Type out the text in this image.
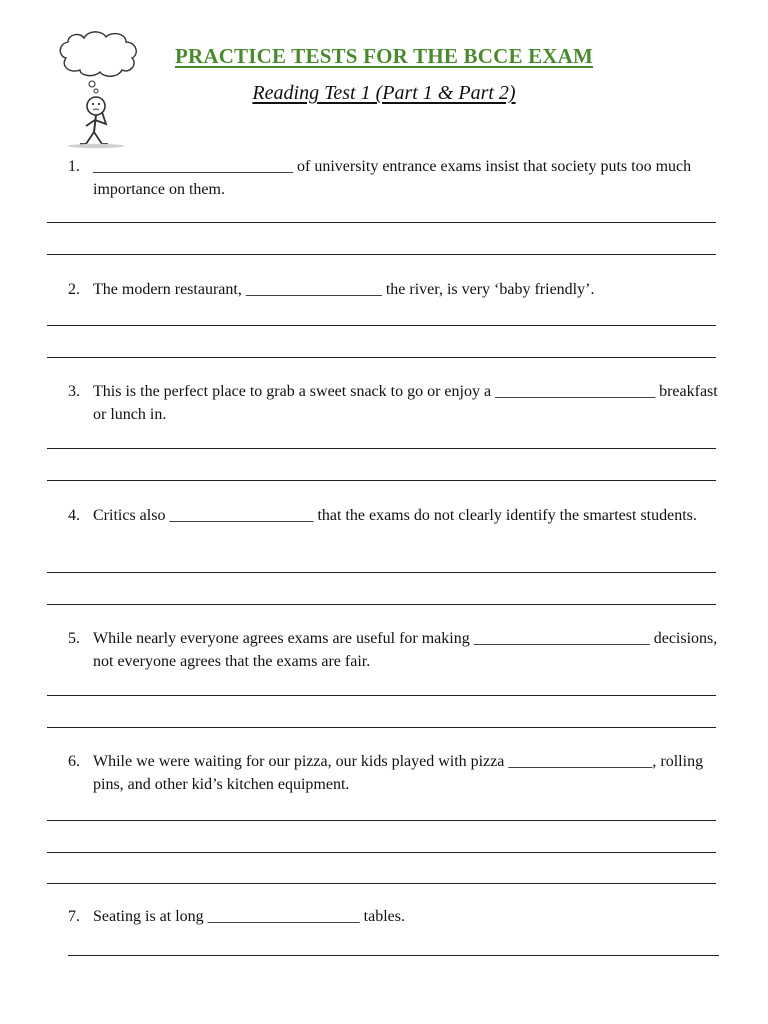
PRACTICE TESTS FOR THE BCCE EXAM
Reading Test 1 (Part 1 & Part 2)
1. _________________________ of university entrance exams insist that society puts too much importance on them.
2. The modern restaurant, _________________ the river, is very ‘baby friendly’.
3. This is the perfect place to grab a sweet snack to go or enjoy a ____________________ breakfast or lunch in.
4. Critics also __________________ that the exams do not clearly identify the smartest students.
5. While nearly everyone agrees exams are useful for making ______________________ decisions, not everyone agrees that the exams are fair.
6. While we were waiting for our pizza, our kids played with pizza __________________, rolling pins, and other kid’s kitchen equipment.
7. Seating is at long ___________________ tables.
